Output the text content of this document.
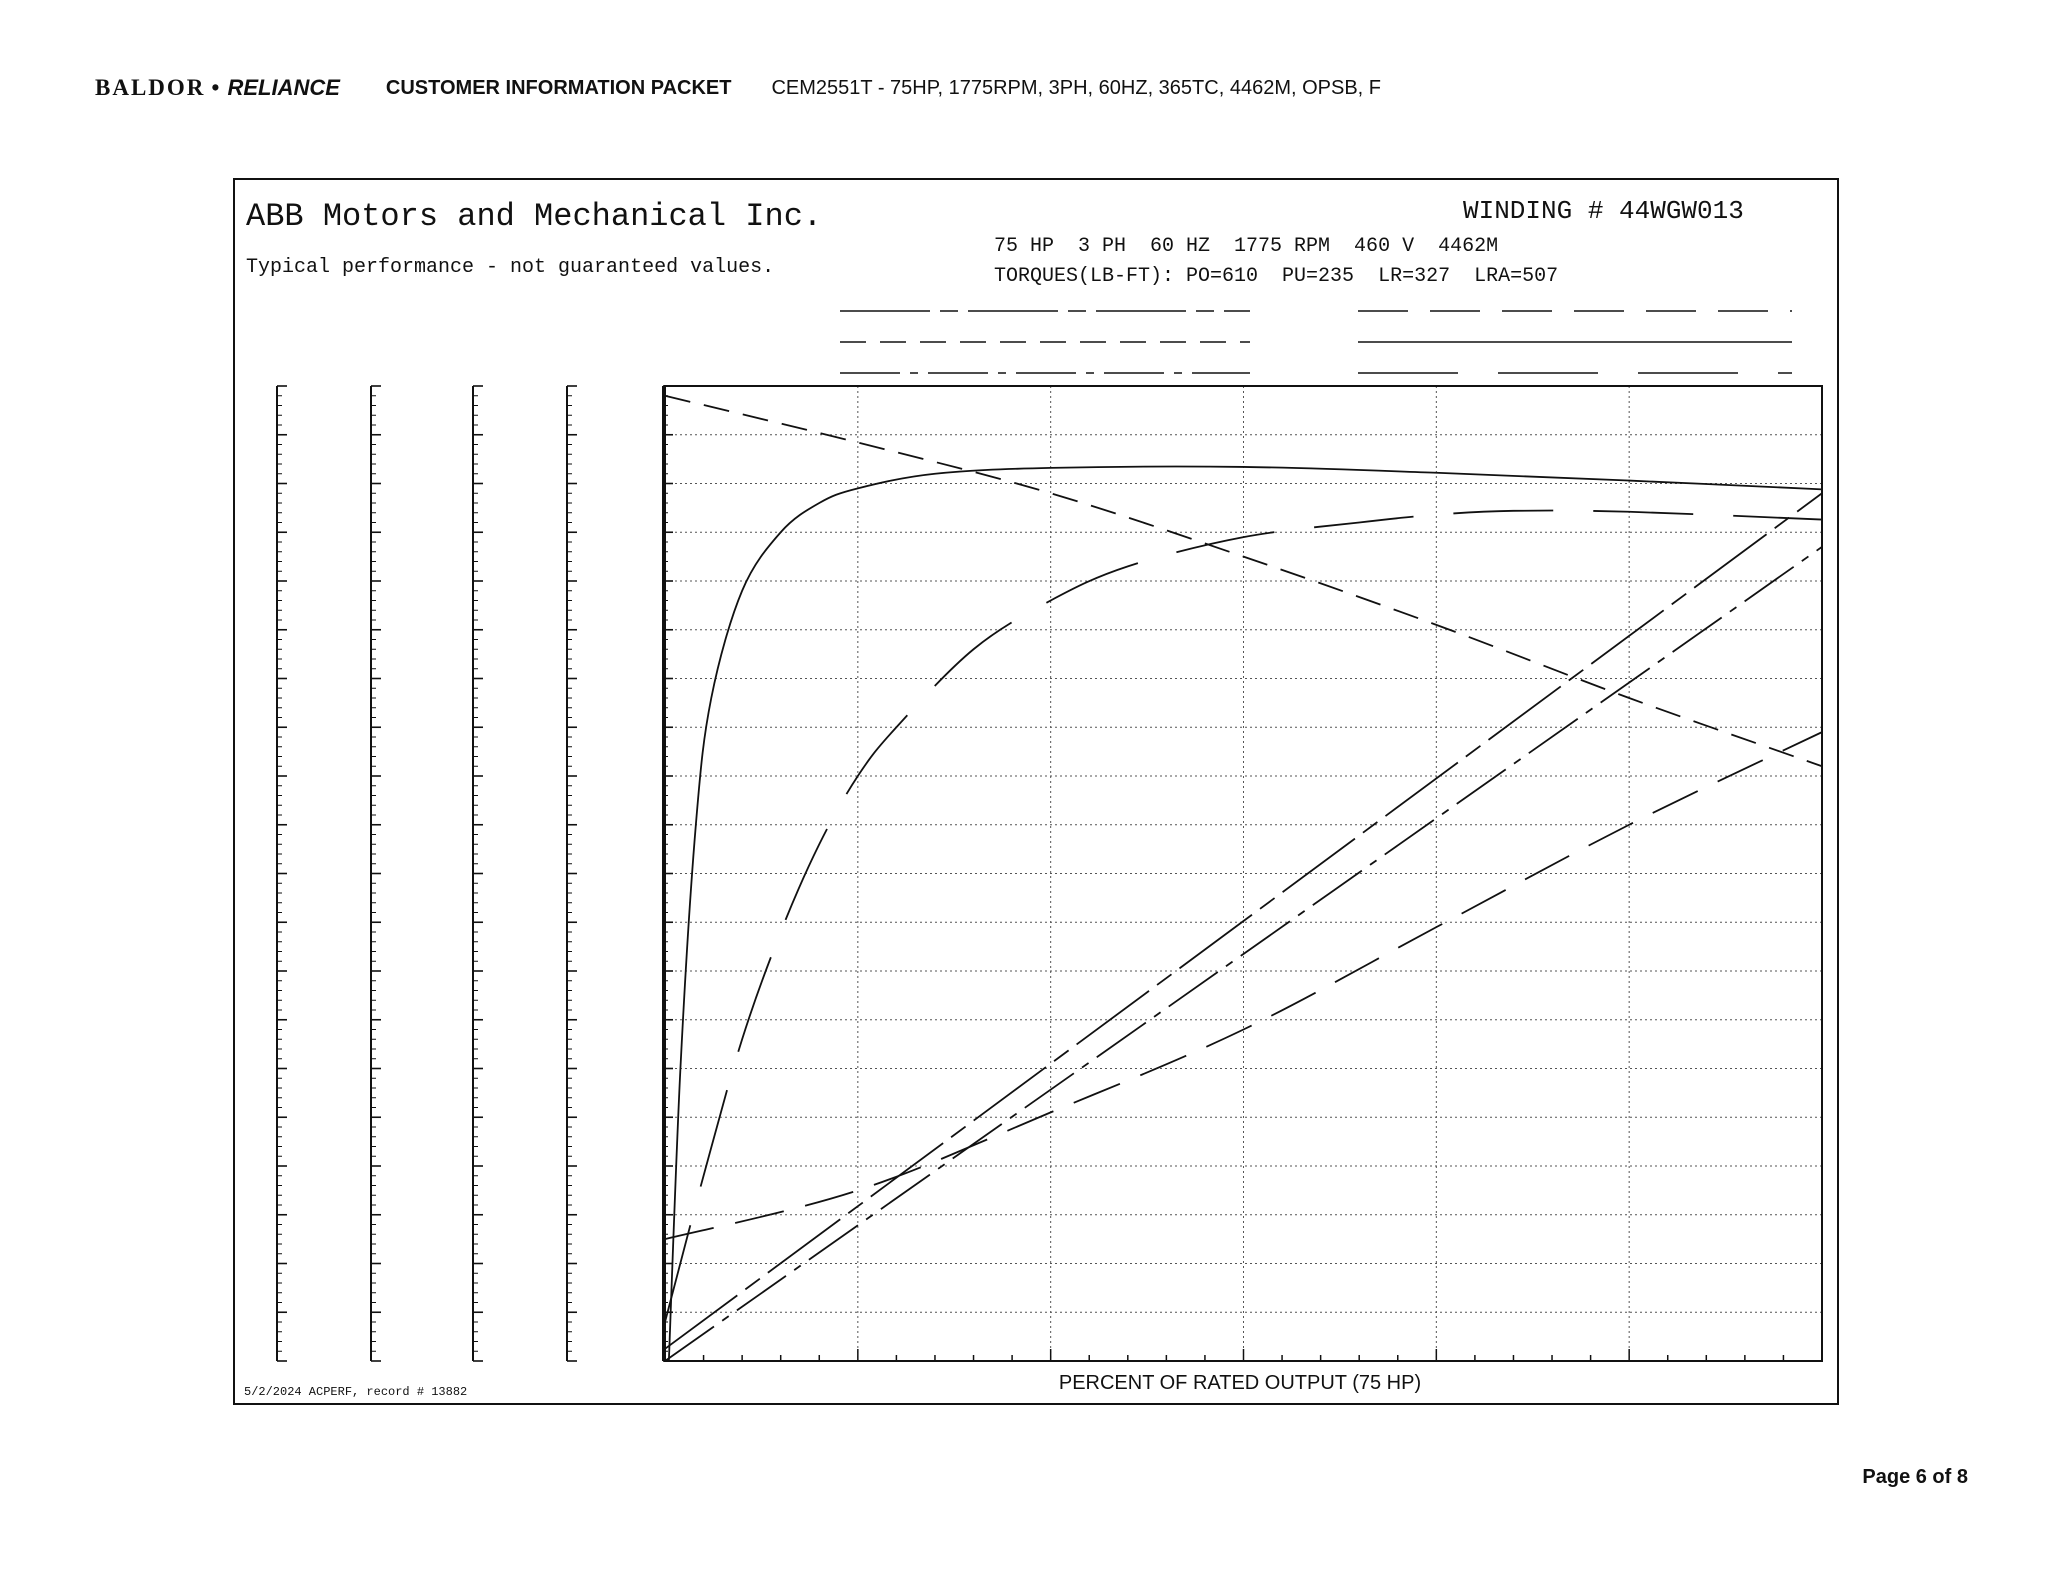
BALDOR • RELIANCE CUSTOMER INFORMATION PACKET CEM2551T - 75HP, 1775RPM, 3PH, 60HZ, 365TC, 4462M, OPSB, F
ABB Motors and Mechanical Inc.
Typical performance - not guaranteed values.
WINDING # 44WGW013
75 HP  3 PH  60 HZ  1775 RPM  460 V  4462M
TORQUES(LB-FT): PO=610  PU=235  LR=327  LRA=507
5/2/2024 ACPERF, record # 13882	PERCENT OF RATED OUTPUT (75 HP)
Page 6 of 8
